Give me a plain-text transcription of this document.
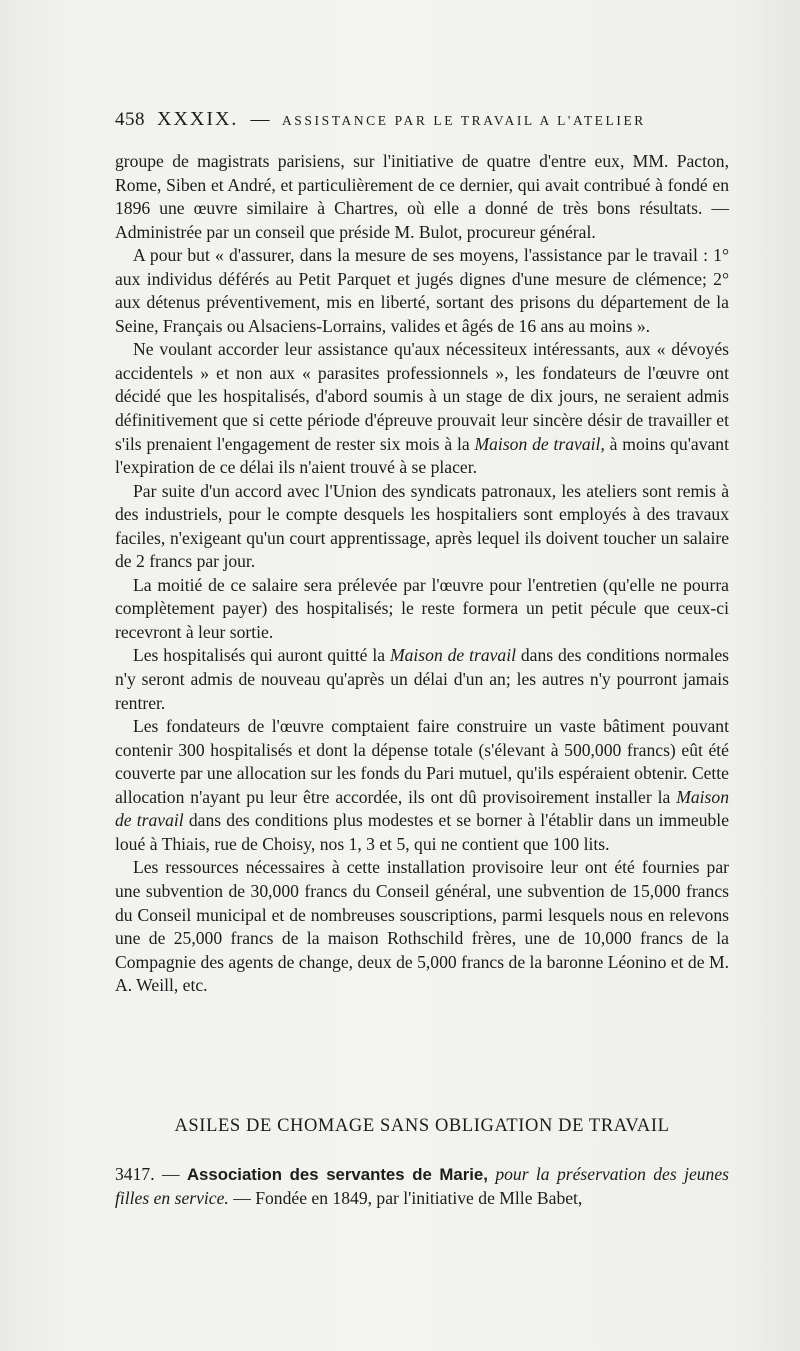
458 XXXIX. — ASSISTANCE PAR LE TRAVAIL A L'ATELIER

groupe de magistrats parisiens, sur l'initiative de quatre d'entre eux, MM. Pacton, Rome, Siben et André, et particulièrement de ce dernier, qui avait contribué à fondé en 1896 une œuvre similaire à Chartres, où elle a donné de très bons résultats. — Administrée par un conseil que préside M. Bulot, procureur général.

A pour but « d'assurer, dans la mesure de ses moyens, l'assistance par le travail : 1° aux individus déférés au Petit Parquet et jugés dignes d'une mesure de clémence; 2° aux détenus préventivement, mis en liberté, sortant des prisons du département de la Seine, Français ou Alsaciens-Lorrains, valides et âgés de 16 ans au moins ».

Ne voulant accorder leur assistance qu'aux nécessiteux intéressants, aux « dévoyés accidentels » et non aux « parasites professionnels », les fondateurs de l'œuvre ont décidé que les hospitalisés, d'abord soumis à un stage de dix jours, ne seraient admis définitivement que si cette période d'épreuve prouvait leur sincère désir de travailler et s'ils prenaient l'engagement de rester six mois à la Maison de travail, à moins qu'avant l'expiration de ce délai ils n'aient trouvé à se placer.

Par suite d'un accord avec l'Union des syndicats patronaux, les ateliers sont remis à des industriels, pour le compte desquels les hospitaliers sont employés à des travaux faciles, n'exigeant qu'un court apprentissage, après lequel ils doivent toucher un salaire de 2 francs par jour.

La moitié de ce salaire sera prélevée par l'œuvre pour l'entretien (qu'elle ne pourra complètement payer) des hospitalisés; le reste formera un petit pécule que ceux-ci recevront à leur sortie.

Les hospitalisés qui auront quitté la Maison de travail dans des conditions normales n'y seront admis de nouveau qu'après un délai d'un an; les autres n'y pourront jamais rentrer.

Les fondateurs de l'œuvre comptaient faire construire un vaste bâtiment pouvant contenir 300 hospitalisés et dont la dépense totale (s'élevant à 500,000 francs) eût été couverte par une allocation sur les fonds du Pari mutuel, qu'ils espéraient obtenir. Cette allocation n'ayant pu leur être accordée, ils ont dû provisoirement installer la Maison de travail dans des conditions plus modestes et se borner à l'établir dans un immeuble loué à Thiais, rue de Choisy, nos 1, 3 et 5, qui ne contient que 100 lits.

Les ressources nécessaires à cette installation provisoire leur ont été fournies par une subvention de 30,000 francs du Conseil général, une subvention de 15,000 francs du Conseil municipal et de nombreuses souscriptions, parmi lesquels nous en relevons une de 25,000 francs de la maison Rothschild frères, une de 10,000 francs de la Compagnie des agents de change, deux de 5,000 francs de la baronne Léonino et de M. A. Weill, etc.

ASILES DE CHOMAGE SANS OBLIGATION DE TRAVAIL
3417. — Association des servantes de Marie, pour la préservation des jeunes filles en service. — Fondée en 1849, par l'initiative de Mlle Babet,
